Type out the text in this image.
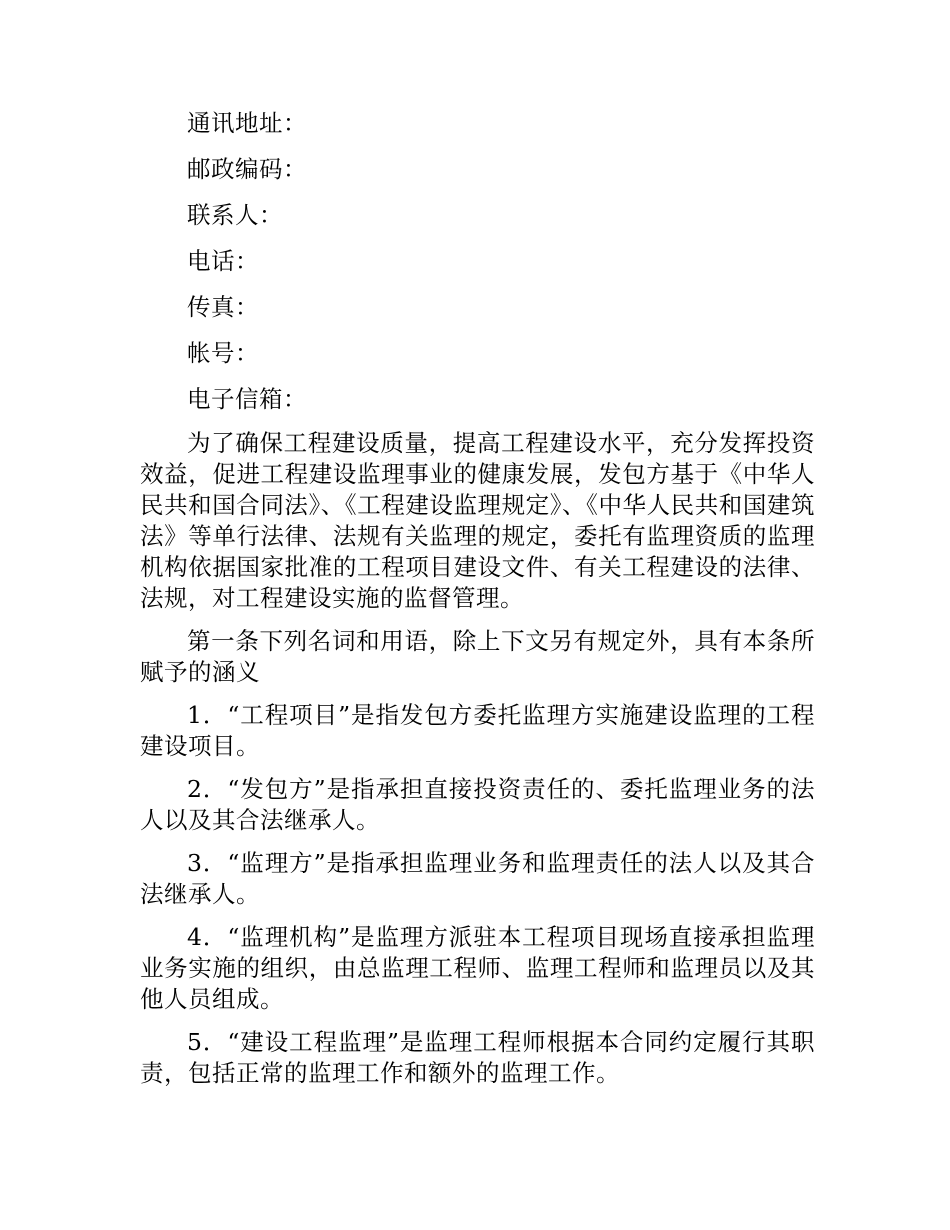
通讯地址：
邮政编码：
联系人：
电话：
传真：
帐号：
电子信箱：

为了确保工程建设质量，提高工程建设水平，充分发挥投资效益，促进工程建设监理事业的健康发展，发包方基于《中华人民共和国合同法》、《工程建设监理规定》、《中华人民共和国建筑法》等单行法律、法规有关监理的规定，委托有监理资质的监理机构依据国家批准的工程项目建设文件、有关工程建设的法律、法规，对工程建设实施的监督管理。

第一条下列名词和用语，除上下文另有规定外，具有本条所赋予的涵义

1．“工程项目”是指发包方委托监理方实施建设监理的工程建设项目。

2．“发包方”是指承担直接投资责任的、委托监理业务的法人以及其合法继承人。

3．“监理方”是指承担监理业务和监理责任的法人以及其合法继承人。

4．“监理机构”是监理方派驻本工程项目现场直接承担监理业务实施的组织，由总监理工程师、监理工程师和监理员以及其他人员组成。

5．“建设工程监理”是监理工程师根据本合同约定履行其职责，包括正常的监理工作和额外的监理工作。
